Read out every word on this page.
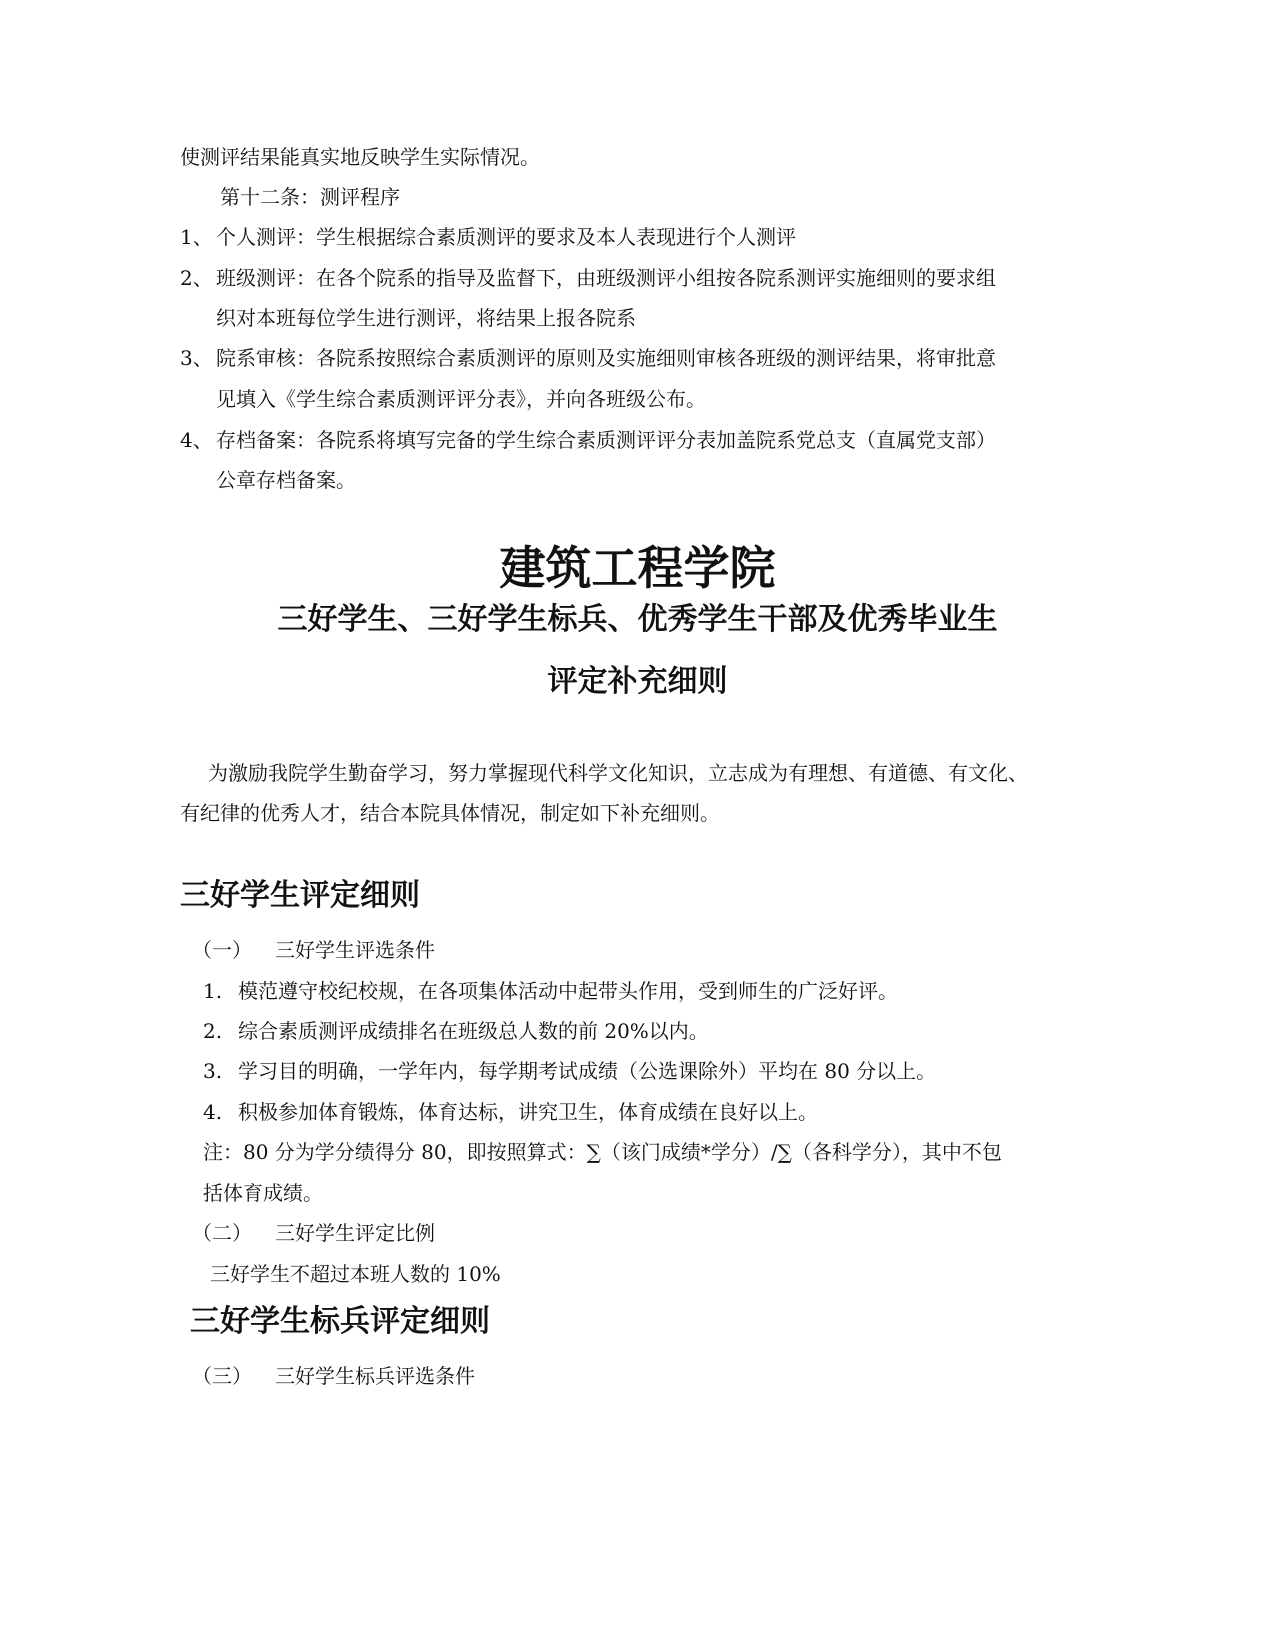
使测评结果能真实地反映学生实际情况。
第十二条：测评程序
1、 个人测评：学生根据综合素质测评的要求及本人表现进行个人测评
2、 班级测评：在各个院系的指导及监督下，由班级测评小组按各院系测评实施细则的要求组
织对本班每位学生进行测评，将结果上报各院系
3、 院系审核：各院系按照综合素质测评的原则及实施细则审核各班级的测评结果，将审批意
见填入《学生综合素质测评评分表》，并向各班级公布。
4、 存档备案：各院系将填写完备的学生综合素质测评评分表加盖院系党总支（直属党支部）
公章存档备案。
建筑工程学院
三好学生、三好学生标兵、优秀学生干部及优秀毕业生
评定补充细则
为激励我院学生勤奋学习，努力掌握现代科学文化知识，立志成为有理想、有道德、有文化、
有纪律的优秀人才，结合本院具体情况，制定如下补充细则。
三好学生评定细则
（一） 三好学生评选条件
1. 模范遵守校纪校规，在各项集体活动中起带头作用，受到师生的广泛好评。
2. 综合素质测评成绩排名在班级总人数的前 20%以内。
3. 学习目的明确，一学年内，每学期考试成绩（公选课除外）平均在 80 分以上。
4. 积极参加体育锻炼，体育达标，讲究卫生，体育成绩在良好以上。
注：80 分为学分绩得分 80，即按照算式：∑（该门成绩*学分）/∑（各科学分），其中不包
括体育成绩。
（二） 三好学生评定比例
三好学生不超过本班人数的 10%
三好学生标兵评定细则
（三） 三好学生标兵评选条件
